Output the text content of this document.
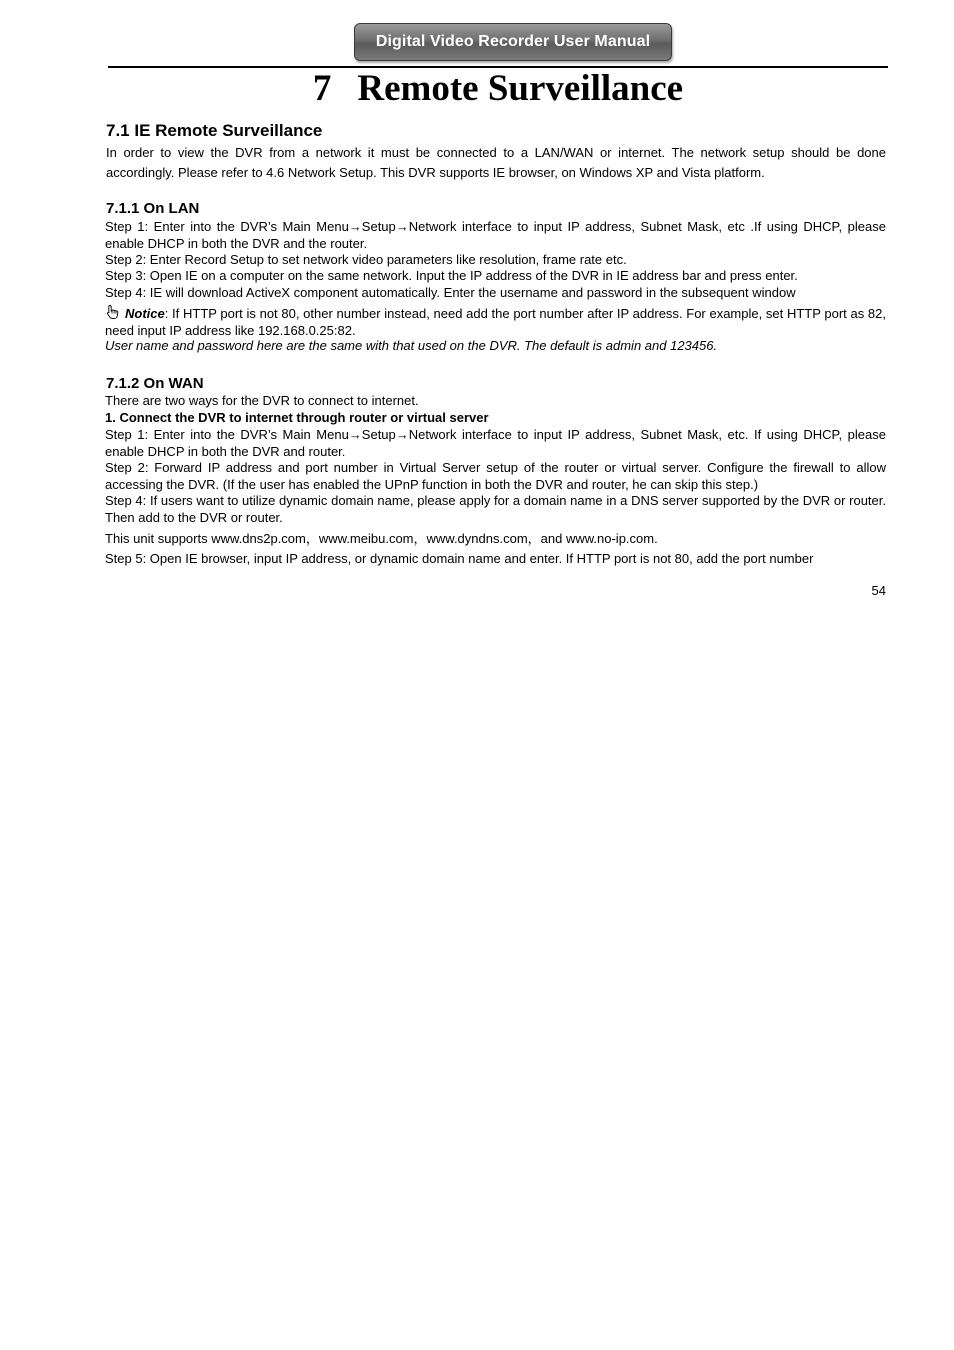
Digital Video Recorder User Manual
7 Remote Surveillance
7.1 IE Remote Surveillance
In order to view the DVR from a network it must be connected to a LAN/WAN or internet. The network setup should be done accordingly. Please refer to 4.6 Network Setup. This DVR supports IE browser, on Windows XP and Vista platform.
7.1.1 On LAN
Step 1: Enter into the DVR’s Main Menu→Setup→Network interface to input IP address, Subnet Mask, etc .If using DHCP, please enable DHCP in both the DVR and the router.
Step 2: Enter Record Setup to set network video parameters like resolution, frame rate etc.
Step 3: Open IE on a computer on the same network. Input the IP address of the DVR in IE address bar and press enter.
Step 4: IE will download ActiveX component automatically. Enter the username and password in the subsequent window
Notice: If HTTP port is not 80, other number instead, need add the port number after IP address. For example, set HTTP port as 82, need input IP address like 192.168.0.25:82.
User name and password here are the same with that used on the DVR. The default is admin and 123456.
7.1.2 On WAN
There are two ways for the DVR to connect to internet.
1. Connect the DVR to internet through router or virtual server
Step 1: Enter into the DVR’s Main Menu→Setup→Network interface to input IP address, Subnet Mask, etc. If using DHCP, please enable DHCP in both the DVR and router.
Step 2: Forward IP address and port number in Virtual Server setup of the router or virtual server. Configure the firewall to allow accessing the DVR. (If the user has enabled the UPnP function in both the DVR and router, he can skip this step.)
Step 4: If users want to utilize dynamic domain name, please apply for a domain name in a DNS server supported by the DVR or router. Then add to the DVR or router.
This unit supports www.dns2p.com，www.meibu.com，www.dyndns.com，and www.no-ip.com.
Step 5: Open IE browser, input IP address, or dynamic domain name and enter. If HTTP port is not 80, add the port number
54
